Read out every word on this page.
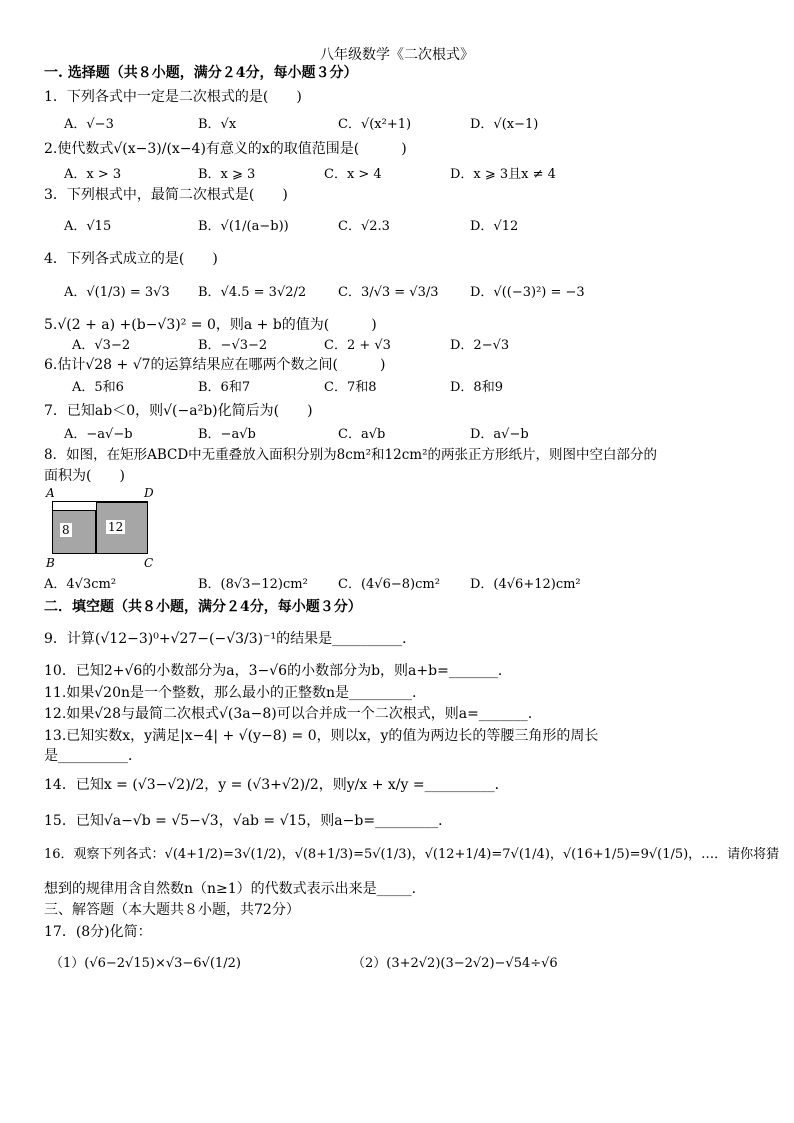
八年级数学《二次根式》
一. 选择题（共８小题，满分２4分，每小题３分）
1．下列各式中一定是二次根式的是(　　)
A．√−3	B．√x	C．√(x²+1)	D．√(x−1)
2.使代数式√(x−3)/(x−4)有意义的x的取值范围是(　　　)
A．x > 3	B．x ⩾ 3	C．x > 4	D．x ⩾ 3且x ≠ 4
3．下列根式中，最简二次根式是(　　)
A．√15	B．√(1/(a−b))	C．√2.3	D．√12
4．下列各式成立的是(　　)
A．√(1/3) = 3√3 B．√4.5 = 3√2/2 C．3/√3 = √3/3 D．√((−3)²) = −3
5.√(2 + a) +(b−√3)² = 0，则a + b的值为(　　　)
A．√3−2	B．−√3−2	C．2 + √3	D．2−√3
6.估计√28 + √7的运算结果应在哪两个数之间(　　　)
A．5和6	B．6和7	C．7和8	D．8和9
7．已知ab＜0，则√(−a²b)化简后为(　　)
A．−a√−b	B．−a√b	C．a√b	D．a√−b
8．如图，在矩形ABCD中无重叠放入面积分别为8cm²和12cm²的两张正方形纸片，则图中空白部分的
面积为(　　)
A	D
B	C
8	12
A．4√3cm²	B．(8√3−12)cm² C．(4√6−8)cm² D．(4√6+12)cm²
二．填空题（共８小题，满分２4分，每小题３分）
9．计算(√12−3)⁰+√27−(−√3/3)⁻¹的结果是__________．
10．已知2+√6的小数部分为a，3−√6的小数部分为b，则a+b=_______．
11.如果√20n是一个整数，那么最小的正整数n是_________.
12.如果√28与最简二次根式√(3a−8)可以合并成一个二次根式，则a=_______.
13.已知实数x，y满足|x−4| + √(y−8) = 0，则以x，y的值为两边长的等腰三角形的周长
是__________．
14．已知x = (√3−√2)/2，y = (√3+√2)/2，则y/x + x/y =__________．
15．已知√a−√b = √5−√3，√ab = √15，则a−b=_________．
16．观察下列各式：√(4+1/2)=3√(1/2)，√(8+1/3)=5√(1/3)，√(12+1/4)=7√(1/4)，√(16+1/5)=9√(1/5)，…．请你将猜
想到的规律用含自然数n（n≥1）的代数式表示出来是_____.
三、解答题（本大题共８小题，共72分）
17．(8分)化简：
（1）(√6−2√15)×√3−6√(1/2)	（2）(3+2√2)(3−2√2)−√54÷√6
